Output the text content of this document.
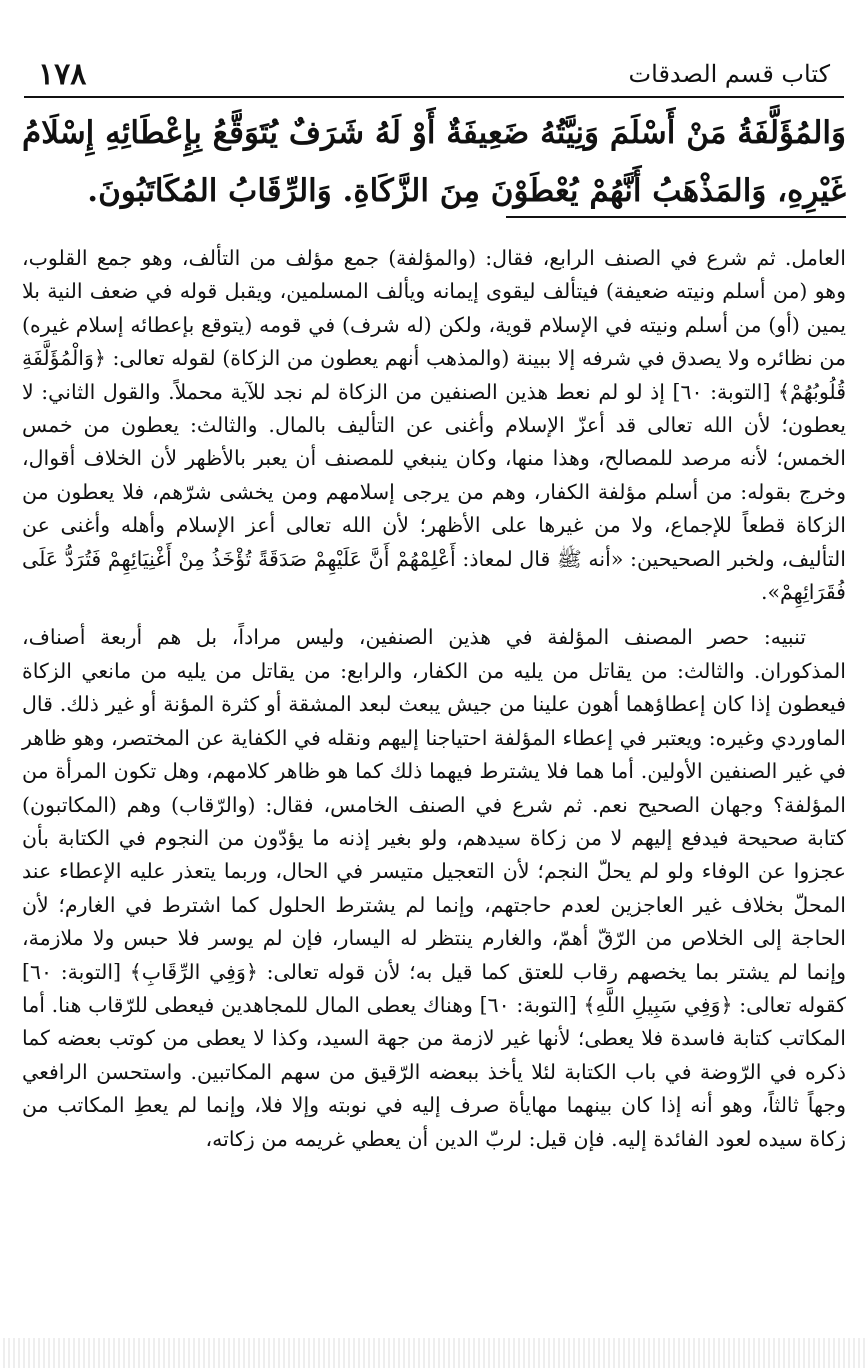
كتاب قسم الصدقات
١٧٨
وَالمُؤَلَّفَةُ مَنْ أَسْلَمَ وَنِيَّتُهُ ضَعِيفَةٌ أَوْ لَهُ شَرَفٌ يُتَوَقَّعُ بِإِعْطَائِهِ إِسْلَامُ غَيْرِهِ، وَالمَذْهَبُ أَنَّهُمْ يُعْطَوْنَ مِنَ الزَّكَاةِ. وَالرِّقَابُ المُكَاتَبُونَ.

العامل. ثم شرع في الصنف الرابع، فقال: (والمؤلفة) جمع مؤلف من التألف، وهو جمع القلوب، وهو (من أسلم ونيته ضعيفة) فيتألف ليقوى إيمانه ويألف المسلمين، ويقبل قوله في ضعف النية بلا يمين (أو) من أسلم ونيته في الإسلام قوية، ولكن (له شرف) في قومه (يتوقع بإعطائه إسلام غيره) من نظائره ولا يصدق في شرفه إلا ببينة (والمذهب أنهم يعطون من الزكاة) لقوله تعالى: ﴿وَالْمُؤَلَّفَةِ قُلُوبُهُمْ﴾ [التوبة: ٦٠] إذ لو لم نعط هذين الصنفين من الزكاة لم نجد للآية محملاً. والقول الثاني: لا يعطون؛ لأن الله تعالى قد أعزّ الإسلام وأغنى عن التأليف بالمال. والثالث: يعطون من خمس الخمس؛ لأنه مرصد للمصالح، وهذا منها، وكان ينبغي للمصنف أن يعبر بالأظهر لأن الخلاف أقوال، وخرج بقوله: من أسلم مؤلفة الكفار، وهم من يرجى إسلامهم ومن يخشى شرّهم، فلا يعطون من الزكاة قطعاً للإجماع، ولا من غيرها على الأظهر؛ لأن الله تعالى أعز الإسلام وأهله وأغنى عن التأليف، ولخبر الصحيحين: «أنه ﷺ قال لمعاذ: أَعْلِمْهُمْ أَنَّ عَلَيْهِمْ صَدَقَةً تُؤْخَذُ مِنْ أَغْنِيَائِهِمْ فَتُرَدُّ عَلَى فُقَرَائِهِمْ».

تنبيه: حصر المصنف المؤلفة في هذين الصنفين، وليس مراداً، بل هم أربعة أصناف، المذكوران. والثالث: من يقاتل من يليه من الكفار، والرابع: من يقاتل من يليه من مانعي الزكاة فيعطون إذا كان إعطاؤهما أهون علينا من جيش يبعث لبعد المشقة أو كثرة المؤنة أو غير ذلك. قال الماوردي وغيره: ويعتبر في إعطاء المؤلفة احتياجنا إليهم ونقله في الكفاية عن المختصر، وهو ظاهر في غير الصنفين الأولين. أما هما فلا يشترط فيهما ذلك كما هو ظاهر كلامهم، وهل تكون المرأة من المؤلفة؟ وجهان الصحيح نعم. ثم شرع في الصنف الخامس، فقال: (والرّقاب) وهم (المكاتبون) كتابة صحيحة فيدفع إليهم لا من زكاة سيدهم، ولو بغير إذنه ما يؤدّون من النجوم في الكتابة بأن عجزوا عن الوفاء ولو لم يحلّ النجم؛ لأن التعجيل متيسر في الحال، وربما يتعذر عليه الإعطاء عند المحلّ بخلاف غير العاجزين لعدم حاجتهم، وإنما لم يشترط الحلول كما اشترط في الغارم؛ لأن الحاجة إلى الخلاص من الرّقّ أهمّ، والغارم ينتظر له اليسار، فإن لم يوسر فلا حبس ولا ملازمة، وإنما لم يشتر بما يخصهم رقاب للعتق كما قيل به؛ لأن قوله تعالى: ﴿وَفِي الرِّقَابِ﴾ [التوبة: ٦٠] كقوله تعالى: ﴿وَفِي سَبِيلِ اللَّهِ﴾ [التوبة: ٦٠] وهناك يعطى المال للمجاهدين فيعطى للرّقاب هنا. أما المكاتب كتابة فاسدة فلا يعطى؛ لأنها غير لازمة من جهة السيد، وكذا لا يعطى من كوتب بعضه كما ذكره في الرّوضة في باب الكتابة لئلا يأخذ ببعضه الرّقيق من سهم المكاتبين. واستحسن الرافعي وجهاً ثالثاً، وهو أنه إذا كان بينهما مهايأة صرف إليه في نوبته وإلا فلا، وإنما لم يعطِ المكاتب من زكاة سيده لعود الفائدة إليه. فإن قيل: لربّ الدين أن يعطي غريمه من زكاته،
